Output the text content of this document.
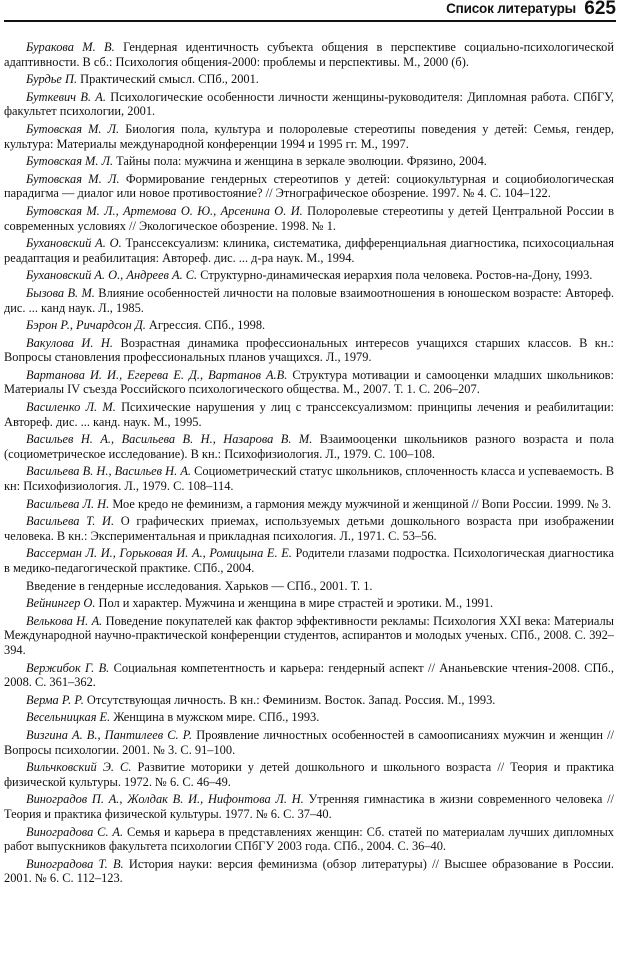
Список литературы 625

Буракова М. В. Гендерная идентичность субъекта общения в перспективе социально-психологической адаптивности. В сб.: Психология общения-2000: проблемы и перспективы. М., 2000 (б).

Бурдье П. Практический смысл. СПб., 2001.

Буткевич В. А. Психологические особенности личности женщины-руководителя: Дипломная работа. СПбГУ, факультет психологии, 2001.

Бутовская М. Л. Биология пола, культура и полоролевые стереотипы поведения у детей: Семья, гендер, культура: Материалы международной конференции 1994 и 1995 гг. М., 1997.

Бутовская М. Л. Тайны пола: мужчина и женщина в зеркале эволюции. Фрязино, 2004.

Бутовская М. Л. Формирование гендерных стереотипов у детей: социокультурная и социобиологическая парадигма — диалог или новое противостояние? // Этнографическое обозрение. 1997. № 4. С. 104–122.

Бутовская М. Л., Артемова О. Ю., Арсенина О. И. Полоролевые стереотипы у детей Центральной России в современных условиях // Экологическое обозрение. 1998. № 1.

Бухановский А. О. Транссексуализм: клиника, систематика, дифференциальная диагностика, психосоциальная реадаптация и реабилитация: Автореф. дис. ... д-ра наук. М., 1994.

Бухановский А. О., Андреев А. С. Структурно-динамическая иерархия пола человека. Ростов-на-Дону, 1993.

Бызова В. М. Влияние особенностей личности на половые взаимоотношения в юношеском возрасте: Автореф. дис. ... канд наук. Л., 1985.

Бэрон Р., Ричардсон Д. Агрессия. СПб., 1998.

Вакулова И. Н. Возрастная динамика профессиональных интересов учащихся старших классов. В кн.: Вопросы становления профессиональных планов учащихся. Л., 1979.

Вартанова И. И., Егерева Е. Д., Вартанов А.В. Структура мотивации и самооценки младших школьников: Материалы IV съезда Российского психологического общества. М., 2007. Т. 1. С. 206–207.

Василенко Л. М. Психические нарушения у лиц с транссексуализмом: принципы лечения и реабилитации: Автореф. дис. ... канд. наук. М., 1995.

Васильев Н. А., Васильева В. Н., Назарова В. М. Взаимооценки школьников разного возраста и пола (социометрическое исследование). В кн.: Психофизиология. Л., 1979. С. 100–108.

Васильева В. Н., Васильев Н. А. Социометрический статус школьников, сплоченность класса и успеваемость. В кн: Психофизиология. Л., 1979. С. 108–114.

Васильева Л. Н. Мое кредо не феминизм, а гармония между мужчиной и женщиной // Вопи России. 1999. № 3.

Васильева Т. И. О графических приемах, используемых детьми дошкольного возраста при изображении человека. В кн.: Экспериментальная и прикладная психология. Л., 1971. С. 53–56.

Вассерман Л. И., Горьковая И. А., Ромицына Е. Е. Родители глазами подростка. Психологическая диагностика в медико-педагогической практике. СПб., 2004.

Введение в гендерные исследования. Харьков — СПб., 2001. Т. 1.

Вейнингер О. Пол и характер. Мужчина и женщина в мире страстей и эротики. М., 1991.

Велькова Н. А. Поведение покупателей как фактор эффективности рекламы: Психология XXI века: Материалы Международной научно-практической конференции студентов, аспирантов и молодых ученых. СПб., 2008. С. 392–394.

Вержибок Г. В. Социальная компетентность и карьера: гендерный аспект // Ананьевские чтения-2008. СПб., 2008. С. 361–362.

Верма Р. Р. Отсутствующая личность. В кн.: Феминизм. Восток. Запад. Россия. М., 1993.

Весельницкая Е. Женщина в мужском мире. СПб., 1993.

Визгина А. В., Пантилеев С. Р. Проявление личностных особенностей в самоописаниях мужчин и женщин // Вопросы психологии. 2001. № 3. С. 91–100.

Вильчковский Э. С. Развитие моторики у детей дошкольного и школьного возраста // Теория и практика физической культуры. 1972. № 6. С. 46–49.

Виноградов П. А., Жолдак В. И., Нифонтова Л. Н. Утренняя гимнастика в жизни современного человека // Теория и практика физической культуры. 1977. № 6. С. 37–40.

Виноградова С. А. Семья и карьера в представлениях женщин: Сб. статей по материалам лучших дипломных работ выпускников факультета психологии СПбГУ 2003 года. СПб., 2004. С. 36–40.

Виноградова Т. В. История науки: версия феминизма (обзор литературы) // Высшее образование в России. 2001. № 6. С. 112–123.
